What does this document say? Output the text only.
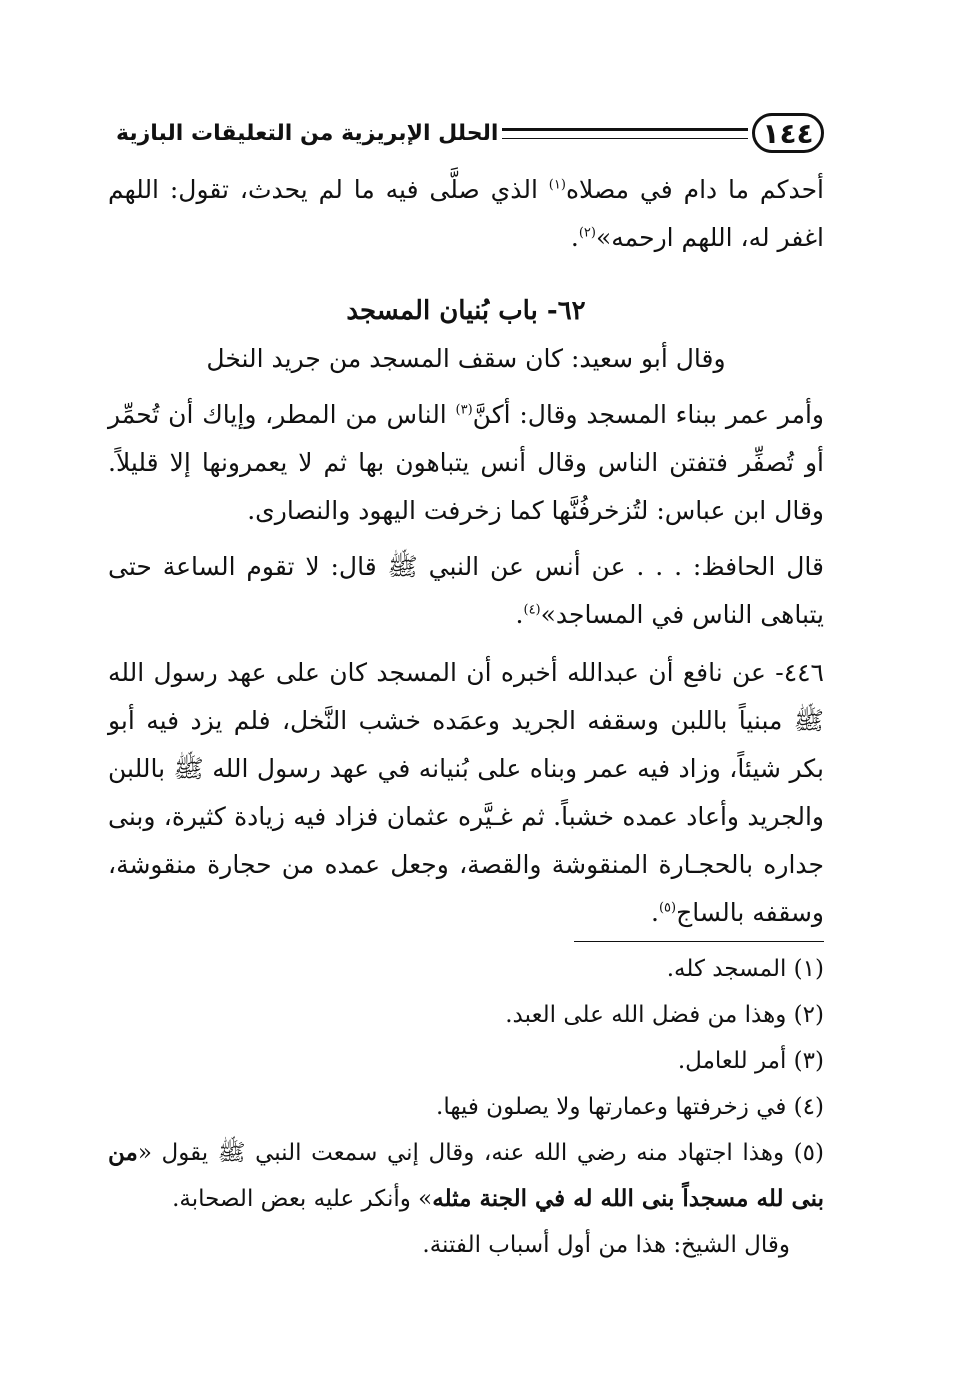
١٤٤
الحلل الإبريزية من التعليقات البازية

أحدكم ما دام في مصلاه$^{(١)}$ الذي صلَّى فيه ما لم يحدث، تقول: اللهم اغفر له، اللهم ارحمه»$^{(٢)}$.

٦٢- باب بُنيان المسجد
وقال أبو سعيد: كان سقف المسجد من جريد النخل

وأمر عمر ببناء المسجد وقال: أكنَّ$^{(٣)}$ الناس من المطر، وإياك أن تُحمِّر أو تُصفِّر فتفتن الناس وقال أنس يتباهون بها ثم لا يعمرونها إلا قليلاً. وقال ابن عباس: لتُزخرفُنَّها كما زخرفت اليهود والنصارى.

قال الحافظ: . . . عن أنس عن النبي ﷺ قال: لا تقوم الساعة حتى يتباهى الناس في المساجد»$^{(٤)}$.

٤٤٦- عن نافع أن عبدالله أخبره أن المسجد كان على عهد رسول الله ﷺ مبنياً باللبن وسقفه الجريد وعمَده خشب النَّخل، فلم يزد فيه أبو بكر شيئاً، وزاد فيه عمر وبناه على بُنيانه في عهد رسول الله ﷺ باللبن والجريد وأعاد عمده خشباً. ثم غـيَّره عثمان فزاد فيه زيادة كثيرة، وبنى جداره بالحجـارة المنقوشة والقصة، وجعل عمده من حجارة منقوشة، وسقفه بالساج$^{(٥)}$.

(١) المسجد كله.

(٢) وهذا من فضل الله على العبد.

(٣) أمر للعامل.

(٤) في زخرفتها وعمارتها ولا يصلون فيها.

(٥) وهذا اجتهاد منه رضي الله عنه، وقال إني سمعت النبي ﷺ يقول «من بنى لله مسجداً بنى الله له في الجنة مثله» وأنكر عليه بعض الصحابة.

وقال الشيخ: هذا من أول أسباب الفتنة.
